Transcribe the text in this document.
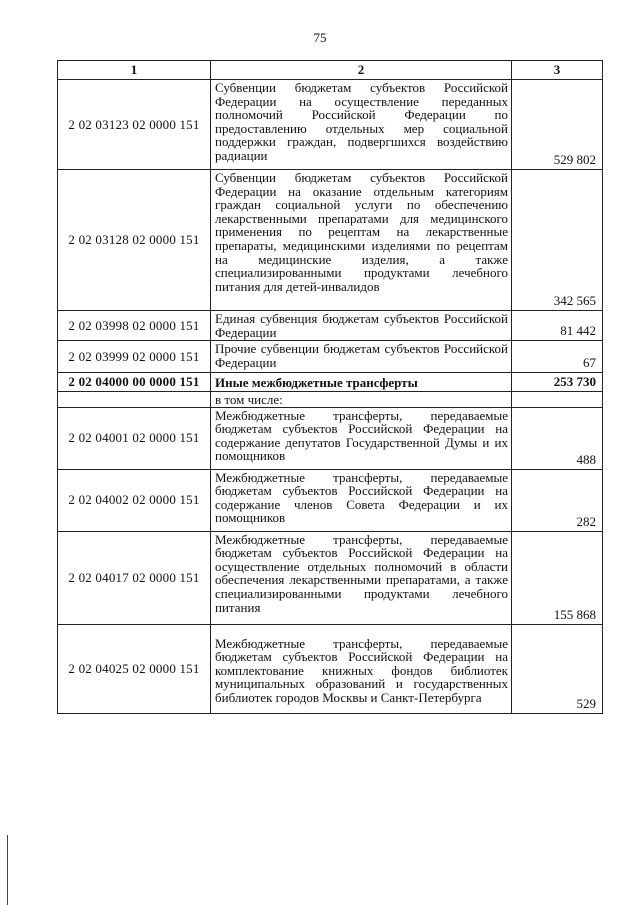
75
1	2	3
2 02 03123 02 0000 151	Субвенции бюджетам субъектов Российской Федерации на осуществление переданных полномочий Российской Федерации по предоставлению отдельных мер социальной поддержки граждан, подвергшихся воздействию радиации	529 802
2 02 03128 02 0000 151	Субвенции бюджетам субъектов Российской Федерации на оказание отдельным категориям граждан социальной услуги по обеспечению лекарственными препаратами для медицинского применения по рецептам на лекарственные препараты, медицинскими изделиями по рецептам на медицинские изделия, а также специализированными продуктами лечебного питания для детей-инвалидов	342 565
2 02 03998 02 0000 151	Единая субвенция бюджетам субъектов Российской Федерации	81 442
2 02 03999 02 0000 151	Прочие субвенции бюджетам субъектов Российской Федерации	67
2 02 04000 00 0000 151	Иные межбюджетные трансферты	253 730
	в том числе:	
2 02 04001 02 0000 151	Межбюджетные трансферты, передаваемые бюджетам субъектов Российской Федерации на содержание депутатов Государственной Думы и их помощников	488
2 02 04002 02 0000 151	Межбюджетные трансферты, передаваемые бюджетам субъектов Российской Федерации на содержание членов Совета Федерации и их помощников	282
2 02 04017 02 0000 151	Межбюджетные трансферты, передаваемые бюджетам субъектов Российской Федерации на осуществление отдельных полномочий в области обеспечения лекарственными препаратами, а также специализированными продуктами лечебного питания	155 868
2 02 04025 02 0000 151	Межбюджетные трансферты, передаваемые бюджетам субъектов Российской Федерации на комплектование книжных фондов библиотек муниципальных образований и государственных библиотек городов Москвы и Санкт-Петербурга	529
